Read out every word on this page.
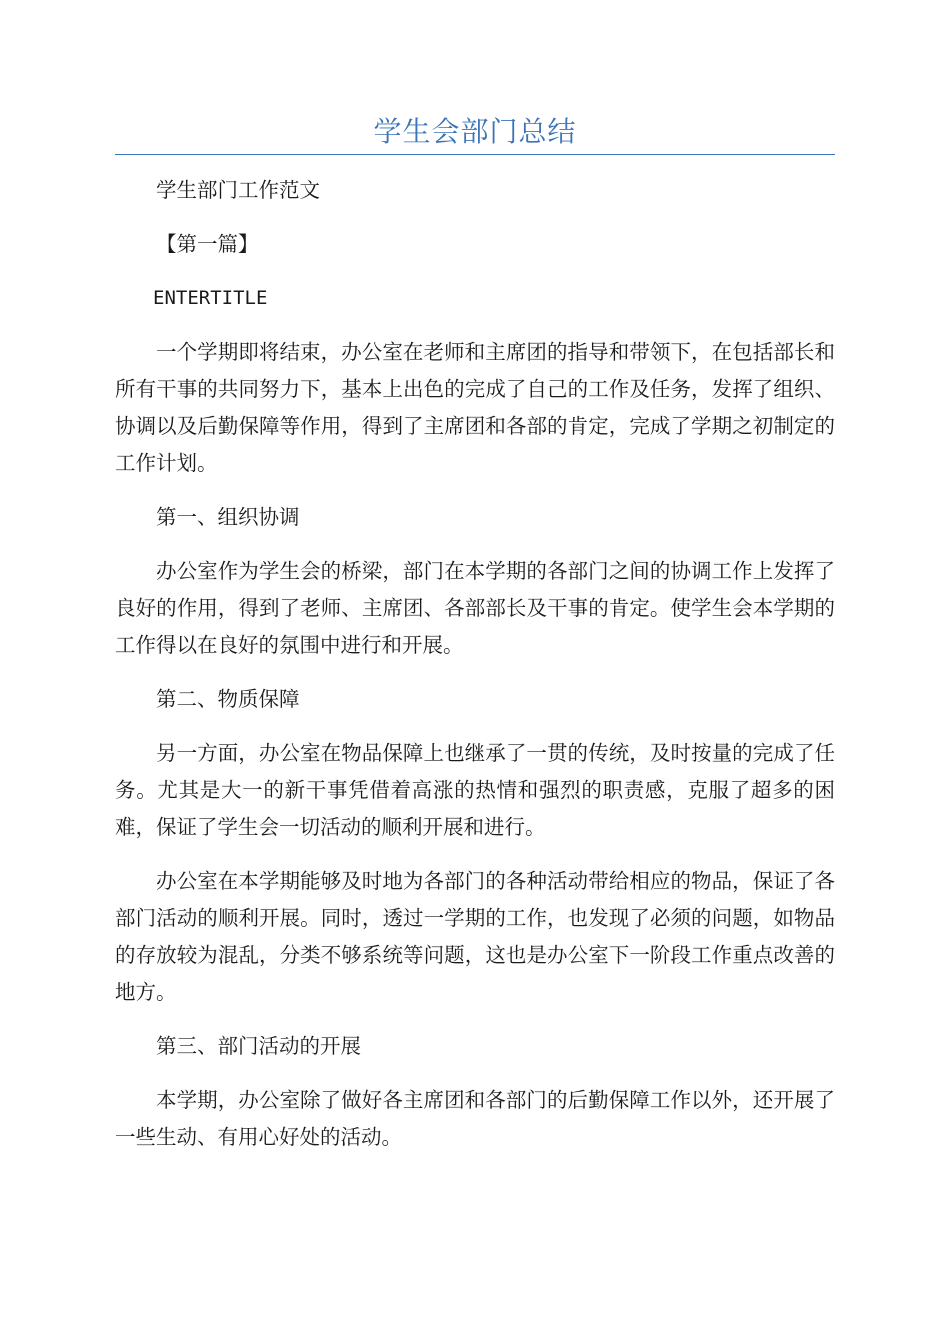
学生会部门总结

学生部门工作范文

【第一篇】

ENTERTITLE

一个学期即将结束，办公室在老师和主席团的指导和带领下，在包括部长和所有干事的共同努力下，基本上出色的完成了自己的工作及任务，发挥了组织、协调以及后勤保障等作用，得到了主席团和各部的肯定，完成了学期之初制定的工作计划。

第一、组织协调

办公室作为学生会的桥梁，部门在本学期的各部门之间的协调工作上发挥了良好的作用，得到了老师、主席团、各部部长及干事的肯定。使学生会本学期的工作得以在良好的氛围中进行和开展。

第二、物质保障

另一方面，办公室在物品保障上也继承了一贯的传统，及时按量的完成了任务。尤其是大一的新干事凭借着高涨的热情和强烈的职责感，克服了超多的困难，保证了学生会一切活动的顺利开展和进行。

办公室在本学期能够及时地为各部门的各种活动带给相应的物品，保证了各部门活动的顺利开展。同时，透过一学期的工作，也发现了必须的问题，如物品的存放较为混乱，分类不够系统等问题，这也是办公室下一阶段工作重点改善的地方。

第三、部门活动的开展

本学期，办公室除了做好各主席团和各部门的后勤保障工作以外，还开展了一些生动、有用心好处的活动。
